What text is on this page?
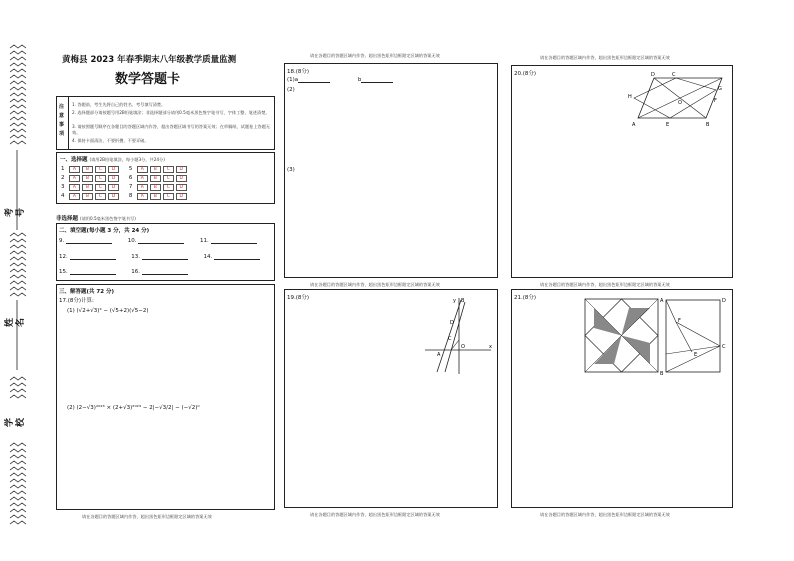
考号
姓名
学校
黄梅县 2023 年春季期末八年级教学质量监测
数学答题卡
注意事项
1. 答题前，考生先将自己的姓名、考号填写清楚。
2. 选择题部分请按题号用2B铅笔填涂；非选择题部分请用0.5毫米黑色签字笔书写，字体工整、笔迹清楚。
3. 请按照题号顺序在各题目的答题区域内作答，超出答题区域书写的答案无效；在草稿纸、试题卷上答题无效。
4. 保持卡面清洁，不要折叠，不要弄破。
一、选择题 (请用2B铅笔填涂，每小题3分，共24分)
1 A B C D 5 A B C D
2 A B C D 6 A B C D
3 A B C D 7 A B C D
4 A B C D 8 A B C D
非选择题 (请用0.5毫米黑色签字笔书写)
二、填空题(每小题 3 分，共 24 分)
9.	10.	11.
12.	13.	14.
15.	16.
三、解答题(共 72 分)
17.(8分)计算:
(1) (√2+√3)² − (√5+2)(√5−2)
(2) (2−√3)²⁰²³ × (2+√3)²⁰²³ − 2|−√3/2| − (−√2)⁰
请在各题目的答题区域内作答，超出黑色矩形边框限定区域的答案无效
请在各题目的答题区域内作答，超出黑色矩形边框限定区域的答案无效
18.(8分)
(1)a	b
(2)
(3)
请在各题目的答题区域内作答，超出黑色矩形边框限定区域的答案无效
19.(8分)	B
D
C
O
A
x
y
请在各题目的答题区域内作答，超出黑色矩形边框限定区域的答案无效
请在各题目的答题区域内作答，超出黑色矩形边框限定区域的答案无效
20.(8分)	D	C
H
G
O
E
F
A	B
请在各题目的答题区域内作答，超出黑色矩形边框限定区域的答案无效
21.(8分)	A	D
B
C
F
E
请在各题目的答题区域内作答，超出黑色矩形边框限定区域的答案无效
